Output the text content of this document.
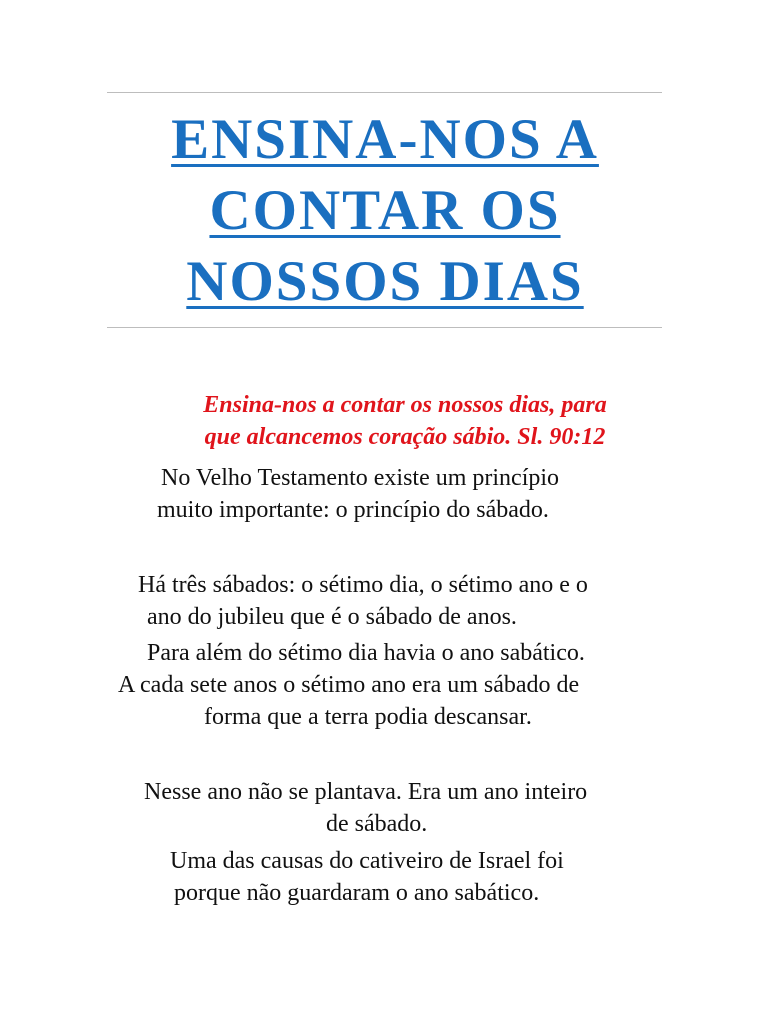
ENSINA-NOS A
CONTAR OS
NOSSOS DIAS

Ensina-nos a contar os nossos dias, para
que alcancemos coração sábio. Sl. 90:12

No Velho Testamento existe um princípio
muito importante: o princípio do sábado.
Há três sábados: o sétimo dia, o sétimo ano e o
ano do jubileu que é o sábado de anos.
Para além do sétimo dia havia o ano sabático.
A cada sete anos o sétimo ano era um sábado de
forma que a terra podia descansar.
Nesse ano não se plantava. Era um ano inteiro
de sábado.
Uma das causas do cativeiro de Israel foi
porque não guardaram o ano sabático.
